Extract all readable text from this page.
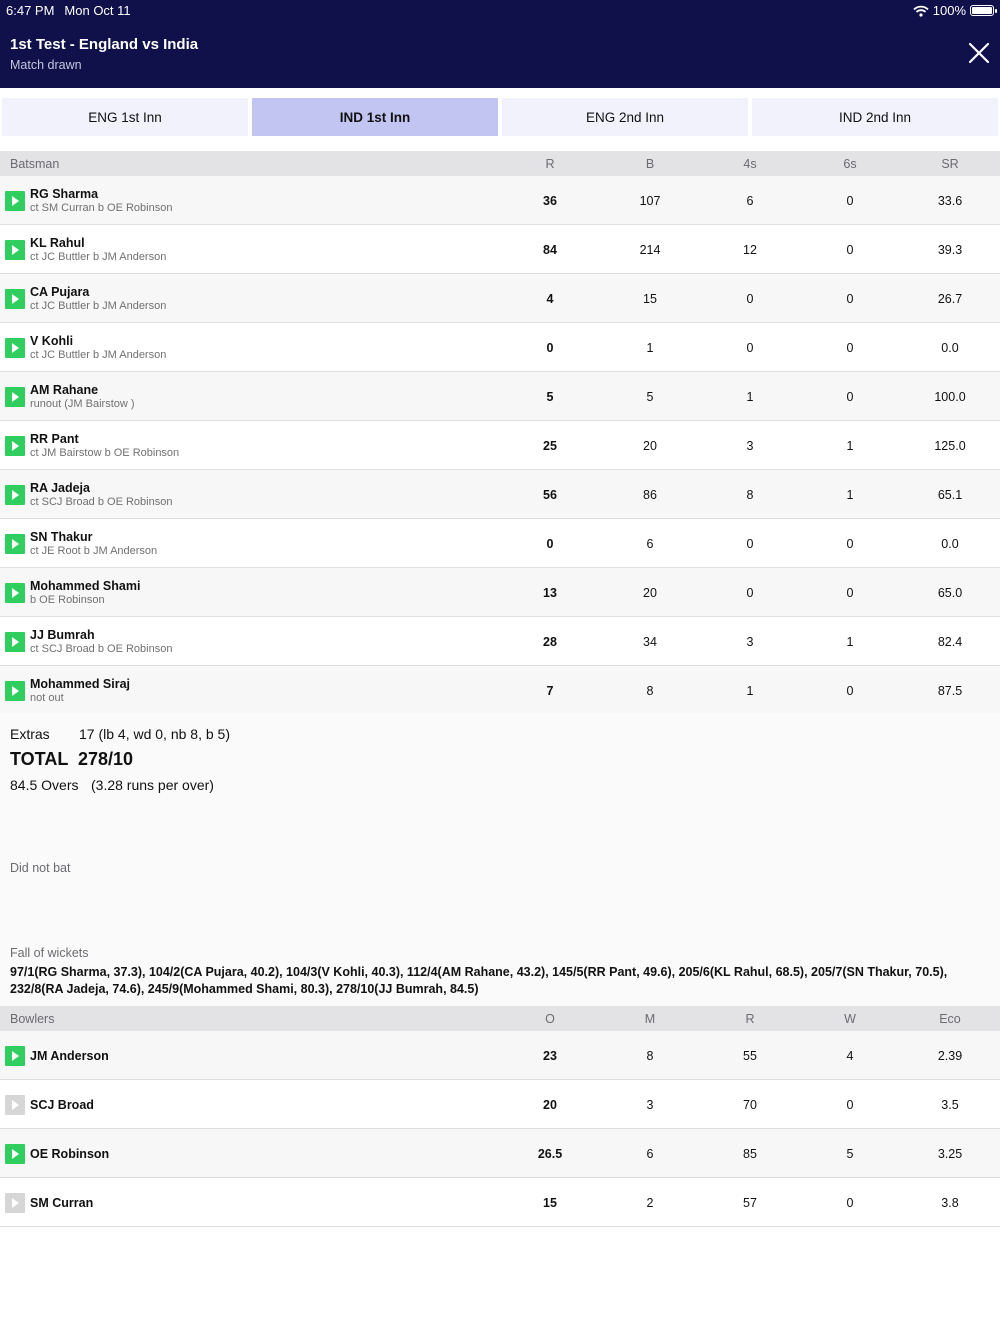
6:47 PM Mon Oct 11	100%
1st Test - England vs India
Match drawn
ENG 1st Inn	IND 1st Inn	ENG 2nd Inn	IND 2nd Inn
Batsman	R	B	4s	6s	SR
RG Sharma
ct SM Curran b OE Robinson	36	107	6	0	33.6
KL Rahul
ct JC Buttler b JM Anderson	84	214	12	0	39.3
CA Pujara
ct JC Buttler b JM Anderson	4	15	0	0	26.7
V Kohli
ct JC Buttler b JM Anderson	0	1	0	0	0.0
AM Rahane
runout (JM Bairstow )	5	5	1	0	100.0
RR Pant
ct JM Bairstow b OE Robinson	25	20	3	1	125.0
RA Jadeja
ct SCJ Broad b OE Robinson	56	86	8	1	65.1
SN Thakur
ct JE Root b JM Anderson	0	6	0	0	0.0
Mohammed Shami
b OE Robinson	13	20	0	0	65.0
JJ Bumrah
ct SCJ Broad b OE Robinson	28	34	3	1	82.4
Mohammed Siraj
not out	7	8	1	0	87.5
Extras 17 (lb 4, wd 0, nb 8, b 5)
TOTAL 278/10
84.5 Overs (3.28 runs per over)
Did not bat
Fall of wickets
97/1(RG Sharma, 37.3), 104/2(CA Pujara, 40.2), 104/3(V Kohli, 40.3), 112/4(AM Rahane, 43.2), 145/5(RR Pant, 49.6), 205/6(KL Rahul, 68.5), 205/7(SN Thakur, 70.5), 232/8(RA Jadeja, 74.6), 245/9(Mohammed Shami, 80.3), 278/10(JJ Bumrah, 84.5)
Bowlers	O	M	R	W	Eco
JM Anderson	23	8	55	4	2.39
SCJ Broad	20	3	70	0	3.5
OE Robinson	26.5	6	85	5	3.25
SM Curran	15	2	57	0	3.8
